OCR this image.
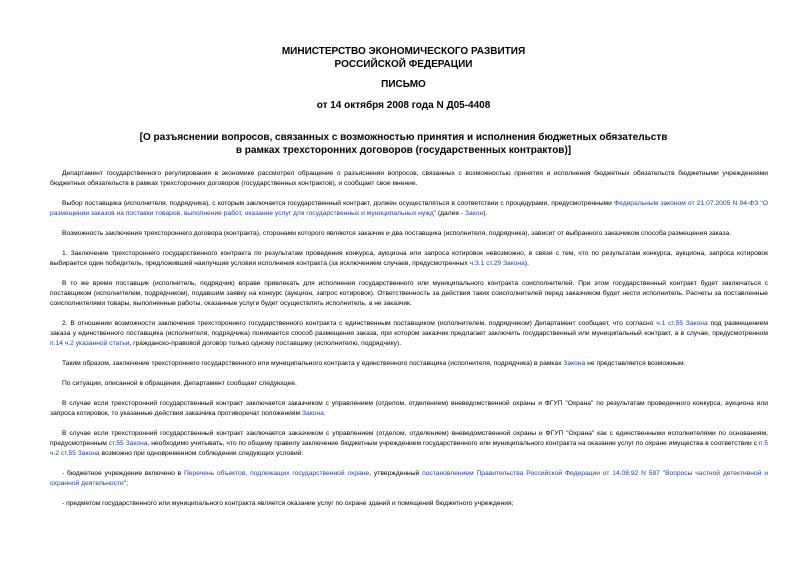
МИНИСТЕРСТВО ЭКОНОМИЧЕСКОГО РАЗВИТИЯ
РОССИЙСКОЙ ФЕДЕРАЦИИ
ПИСЬМО
от 14 октября 2008 года N Д05-4408
[О разъяснении вопросов, связанных с возможностью принятия и исполнения бюджетных обязательств
в рамках трехсторонних договоров (государственных контрактов)]

Департамент государственного регулирования в экономике рассмотрел обращение о разъяснении вопросов, связанных с возможностью принятия и исполнения бюджетных обязательств бюджетными учреждениями бюджетных обязательств в рамках трехсторонних договоров (государственных контрактов), и сообщает свое мнение.

Выбор поставщика (исполнителя, подрядчика), с которым заключается государственный контракт, должен осуществляться в соответствии с процедурами, предусмотренными Федеральным законом от 21.07.2005 N 94-ФЗ "О размещении заказов на поставки товаров, выполнение работ, оказание услуг для государственных и муниципальных нужд" (далее - Закон).

Возможность заключения трехстороннего договора (контракта), сторонами которого являются заказчик и два поставщика (исполнителя, подрядчика), зависит от выбранного заказчиком способа размещения заказа.

1. Заключение трехстороннего государственного контракта по результатам проведения конкурса, аукциона или запроса котировок невозможно, в связи с тем, что по результатам конкурса, аукциона, запроса котировок выбирается один победитель, предложивший наилучшие условия исполнения контракта (за исключением случаев, предусмотренных ч.3.1 ст.29 Закона).

В то же время поставщик (исполнитель, подрядчик) вправе привлекать для исполнения государственного или муниципального контракта соисполнителей. При этом государственный контракт будет заключаться с поставщиком (исполнителем, подрядчиком), подавшим заявку на конкурс (аукцион, запрос котировок). Ответственность за действия таких соисполнителей перед заказчиком будет нести исполнитель. Расчеты за поставленные соисполнителями товары, выполненные работы, оказанные услуги будет осуществлять исполнитель, а не заказчик.

2. В отношении возможности заключения трехстороннего государственного контракта с единственным поставщиком (исполнителем, подрядчиком) Департамент сообщает, что согласно ч.1 ст.55 Закона под размещением заказа у единственного поставщика (исполнителя, подрядчика) понимается способ размещения заказа, при котором заказчик предлагает заключить государственный или муниципальный контракт, а в случае, предусмотренном п.14 ч.2 указанной статьи, гражданско-правовой договор только одному поставщику (исполнителю, подрядчику).

Таким образом, заключение трехстороннего государственного или муниципального контракта у единственного поставщика (исполнителя, подрядчика) в рамках Закона не представляется возможным.

По ситуации, описанной в обращении, Департамент сообщает следующее.

В случае если трехсторонний государственный контракт заключается заказчиком с управлением (отделом, отделением) вневедомственной охраны и ФГУП "Охрана" по результатам проведенного конкурса, аукциона или запроса котировок, то указанные действия заказчика противоречат положениям Закона.

В случае если трехсторонний государственный контракт заключается заказчиком с управлением (отделом, отделением) вневедомственной охраны и ФГУП "Охрана" как с единственными исполнителями по основаниям, предусмотренным ст.55 Закона, необходимо учитывать, что по общему правилу заключение бюджетным учреждением государственного или муниципального контракта на оказание услуг по охране имущества в соответствии с п.5 ч.2 ст.55 Закона возможно при одновременном соблюдении следующих условий:

- бюджетное учреждение включено в Перечень объектов, подлежащих государственной охране, утвержденный постановлением Правительства Российской Федерации от 14.08.92 N 587 "Вопросы частной детективной и охранной деятельности";

- предметом государственного или муниципального контракта является оказание услуг по охране зданий и помещений бюджетного учреждения;
